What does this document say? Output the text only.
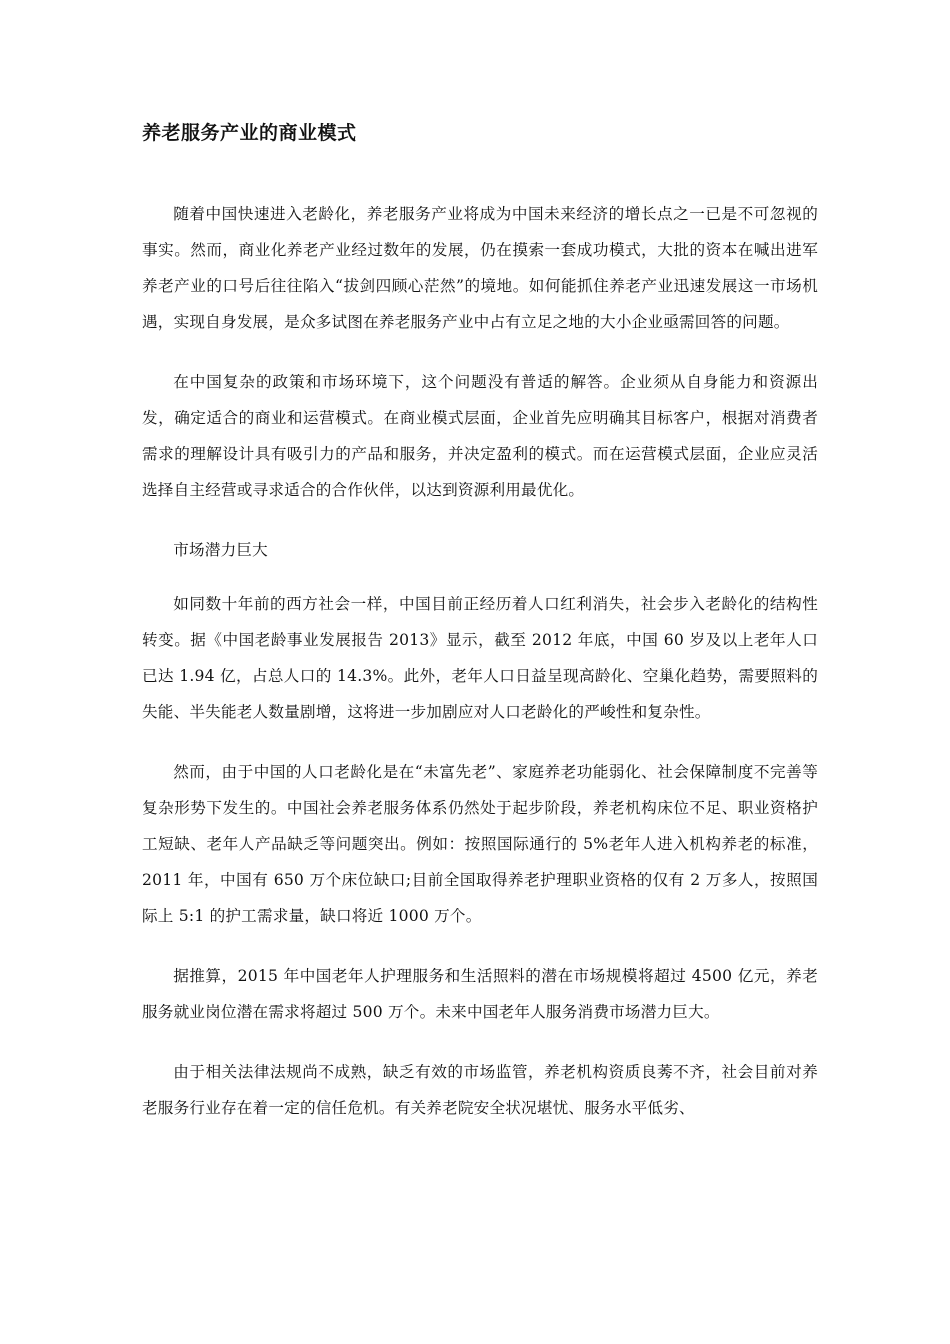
养老服务产业的商业模式

随着中国快速进入老龄化，养老服务产业将成为中国未来经济的增长点之一已是不可忽视的事实。然而，商业化养老产业经过数年的发展，仍在摸索一套成功模式，大批的资本在喊出进军养老产业的口号后往往陷入“拔剑四顾心茫然”的境地。如何能抓住养老产业迅速发展这一市场机遇，实现自身发展，是众多试图在养老服务产业中占有立足之地的大小企业亟需回答的问题。

在中国复杂的政策和市场环境下，这个问题没有普适的解答。企业须从自身能力和资源出发，确定适合的商业和运营模式。在商业模式层面，企业首先应明确其目标客户，根据对消费者需求的理解设计具有吸引力的产品和服务，并决定盈利的模式。而在运营模式层面，企业应灵活选择自主经营或寻求适合的合作伙伴，以达到资源利用最优化。

市场潜力巨大

如同数十年前的西方社会一样，中国目前正经历着人口红利消失，社会步入老龄化的结构性转变。据《中国老龄事业发展报告 2013》显示，截至 2012 年底，中国 60 岁及以上老年人口已达 1.94 亿，占总人口的 14.3%。此外，老年人口日益呈现高龄化、空巢化趋势，需要照料的失能、半失能老人数量剧增，这将进一步加剧应对人口老龄化的严峻性和复杂性。

然而，由于中国的人口老龄化是在“未富先老”、家庭养老功能弱化、社会保障制度不完善等复杂形势下发生的。中国社会养老服务体系仍然处于起步阶段，养老机构床位不足、职业资格护工短缺、老年人产品缺乏等问题突出。例如：按照国际通行的 5%老年人进入机构养老的标准，2011 年，中国有 650 万个床位缺口;目前全国取得养老护理职业资格的仅有 2 万多人，按照国际上 5:1 的护工需求量，缺口将近 1000 万个。

据推算，2015 年中国老年人护理服务和生活照料的潜在市场规模将超过 4500 亿元，养老服务就业岗位潜在需求将超过 500 万个。未来中国老年人服务消费市场潜力巨大。

由于相关法律法规尚不成熟，缺乏有效的市场监管，养老机构资质良莠不齐，社会目前对养老服务行业存在着一定的信任危机。有关养老院安全状况堪忧、服务水平低劣、
